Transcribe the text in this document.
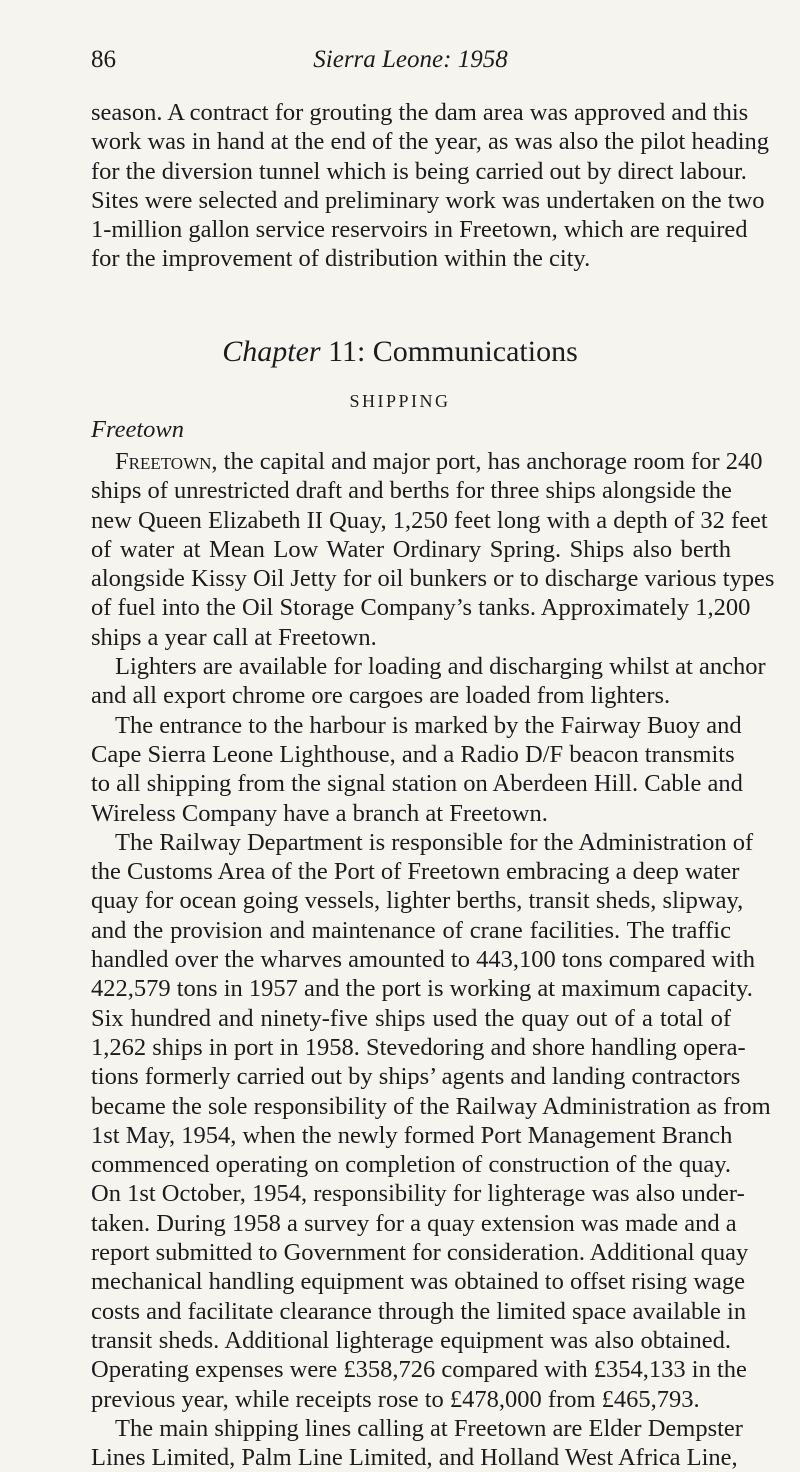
86	Sierra Leone: 1958
season. A contract for grouting the dam area was approved and this
work was in hand at the end of the year, as was also the pilot heading
for the diversion tunnel which is being carried out by direct labour.
Sites were selected and preliminary work was undertaken on the two
1-million gallon service reservoirs in Freetown, which are required
for the improvement of distribution within the city.
Chapter 11: Communications
SHIPPING
Freetown
Freetown, the capital and major port, has anchorage room for 240
ships of unrestricted draft and berths for three ships alongside the
new Queen Elizabeth II Quay, 1,250 feet long with a depth of 32 feet
of water at Mean Low Water Ordinary Spring. Ships also berth
alongside Kissy Oil Jetty for oil bunkers or to discharge various types
of fuel into the Oil Storage Company’s tanks. Approximately 1,200
ships a year call at Freetown.
Lighters are available for loading and discharging whilst at anchor
and all export chrome ore cargoes are loaded from lighters.
The entrance to the harbour is marked by the Fairway Buoy and
Cape Sierra Leone Lighthouse, and a Radio D/F beacon transmits
to all shipping from the signal station on Aberdeen Hill. Cable and
Wireless Company have a branch at Freetown.
The Railway Department is responsible for the Administration of
the Customs Area of the Port of Freetown embracing a deep water
quay for ocean going vessels, lighter berths, transit sheds, slipway,
and the provision and maintenance of crane facilities. The traffic
handled over the wharves amounted to 443,100 tons compared with
422,579 tons in 1957 and the port is working at maximum capacity.
Six hundred and ninety-five ships used the quay out of a total of
1,262 ships in port in 1958. Stevedoring and shore handling opera-
tions formerly carried out by ships’ agents and landing contractors
became the sole responsibility of the Railway Administration as from
1st May, 1954, when the newly formed Port Management Branch
commenced operating on completion of construction of the quay.
On 1st October, 1954, responsibility for lighterage was also under-
taken. During 1958 a survey for a quay extension was made and a
report submitted to Government for consideration. Additional quay
mechanical handling equipment was obtained to offset rising wage
costs and facilitate clearance through the limited space available in
transit sheds. Additional lighterage equipment was also obtained.
Operating expenses were £358,726 compared with £354,133 in the
previous year, while receipts rose to £478,000 from £465,793.
The main shipping lines calling at Freetown are Elder Dempster
Lines Limited, Palm Line Limited, and Holland West Africa Line,
